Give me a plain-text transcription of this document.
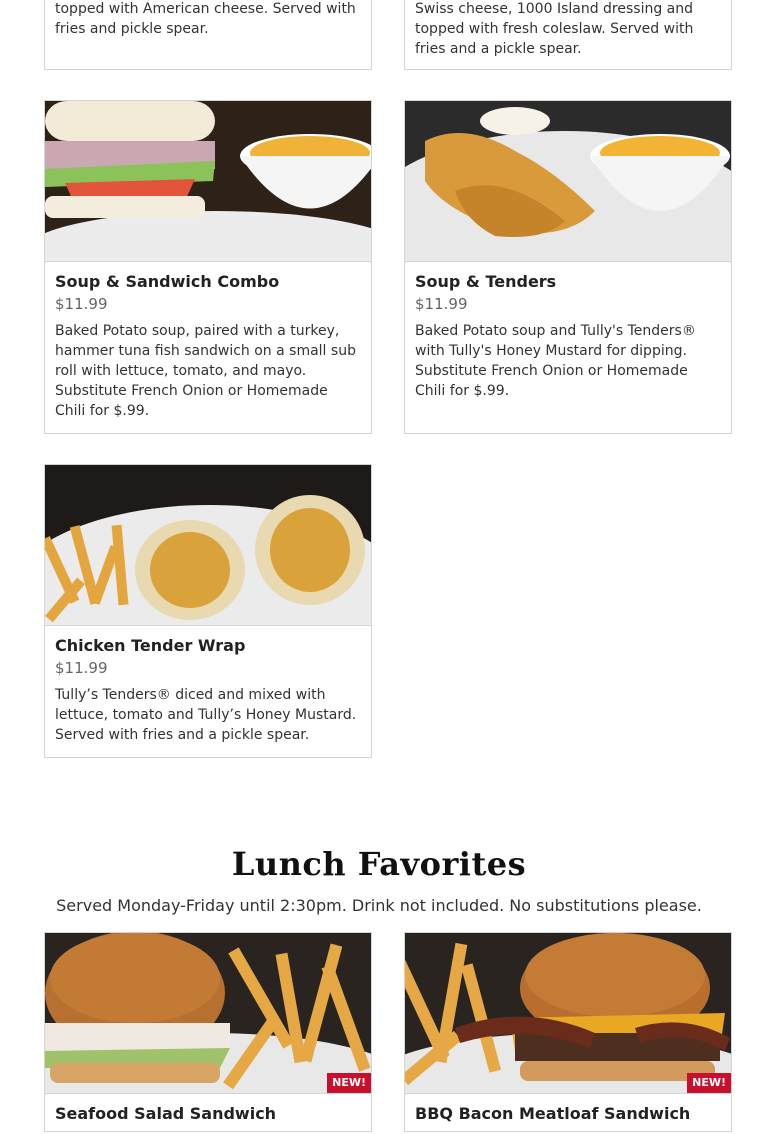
topped with American cheese. Served with fries and pickle spear.

Swiss cheese, 1000 Island dressing and topped with fresh coleslaw. Served with fries and a pickle spear.

Soup & Sandwich Combo

$11.99

Baked Potato soup, paired with a turkey, hammer tuna fish sandwich on a small sub roll with lettuce, tomato, and mayo. Substitute French Onion or Homemade Chili for $.99.

Soup & Tenders

$11.99

Baked Potato soup and Tully's Tenders® with Tully's Honey Mustard for dipping. Substitute French Onion or Homemade Chili for $.99.

Chicken Tender Wrap

$11.99

Tully’s Tenders® diced and mixed with lettuce, tomato and Tully’s Honey Mustard. Served with fries and a pickle spear.

Lunch Favorites
Served Monday-Friday until 2:30pm. Drink not included. No substitutions please.
NEW!

Seafood Salad Sandwich

NEW!

BBQ Bacon Meatloaf Sandwich
